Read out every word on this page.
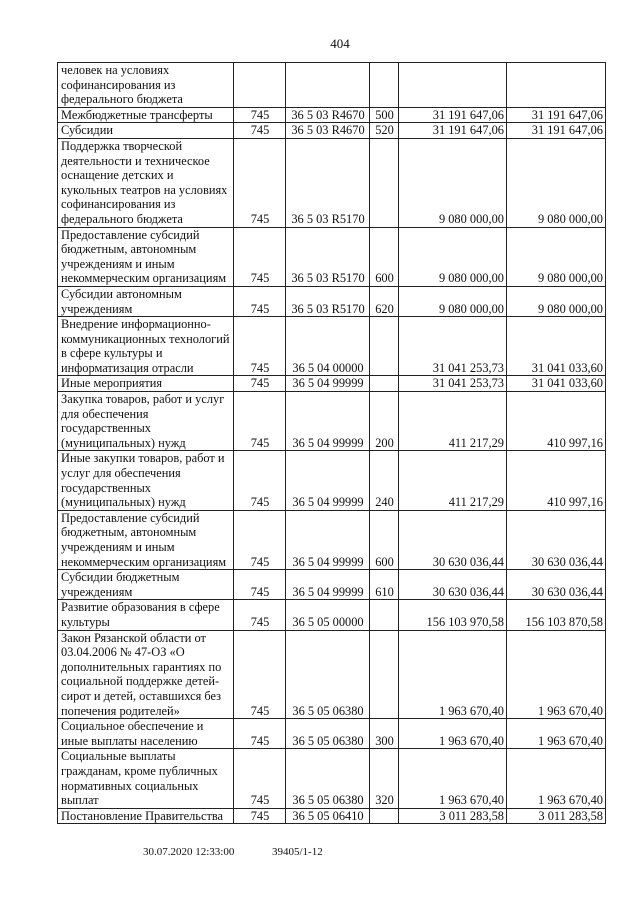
404
человек на условиях софинансирования из федерального бюджета					
Межбюджетные трансферты	745	36 5 03 R4670	500	31 191 647,06	31 191 647,06
Субсидии	745	36 5 03 R4670	520	31 191 647,06	31 191 647,06
Поддержка творческой деятельности и техническое оснащение детских и кукольных театров на условиях софинансирования из федерального бюджета	745	36 5 03 R5170		9 080 000,00	9 080 000,00
Предоставление субсидий бюджетным, автономным учреждениям и иным некоммерческим организациям	745	36 5 03 R5170	600	9 080 000,00	9 080 000,00
Субсидии автономным учреждениям	745	36 5 03 R5170	620	9 080 000,00	9 080 000,00
Внедрение информационно-коммуникационных технологий в сфере культуры и информатизация отрасли	745	36 5 04 00000		31 041 253,73	31 041 033,60
Иные мероприятия	745	36 5 04 99999		31 041 253,73	31 041 033,60
Закупка товаров, работ и услуг для обеспечения государственных (муниципальных) нужд	745	36 5 04 99999	200	411 217,29	410 997,16
Иные закупки товаров, работ и услуг для обеспечения государственных (муниципальных) нужд	745	36 5 04 99999	240	411 217,29	410 997,16
Предоставление субсидий бюджетным, автономным учреждениям и иным некоммерческим организациям	745	36 5 04 99999	600	30 630 036,44	30 630 036,44
Субсидии бюджетным учреждениям	745	36 5 04 99999	610	30 630 036,44	30 630 036,44
Развитие образования в сфере культуры	745	36 5 05 00000		156 103 970,58	156 103 870,58
Закон Рязанской области от 03.04.2006 № 47-ОЗ «О дополнительных гарантиях по социальной поддержке детей-сирот и детей, оставшихся без попечения родителей»	745	36 5 05 06380		1 963 670,40	1 963 670,40
Социальное обеспечение и иные выплаты населению	745	36 5 05 06380	300	1 963 670,40	1 963 670,40
Социальные выплаты гражданам, кроме публичных нормативных социальных выплат	745	36 5 05 06380	320	1 963 670,40	1 963 670,40
Постановление Правительства	745	36 5 05 06410		3 011 283,58	3 011 283,58
30.07.2020 12:33:00	39405/1-12
